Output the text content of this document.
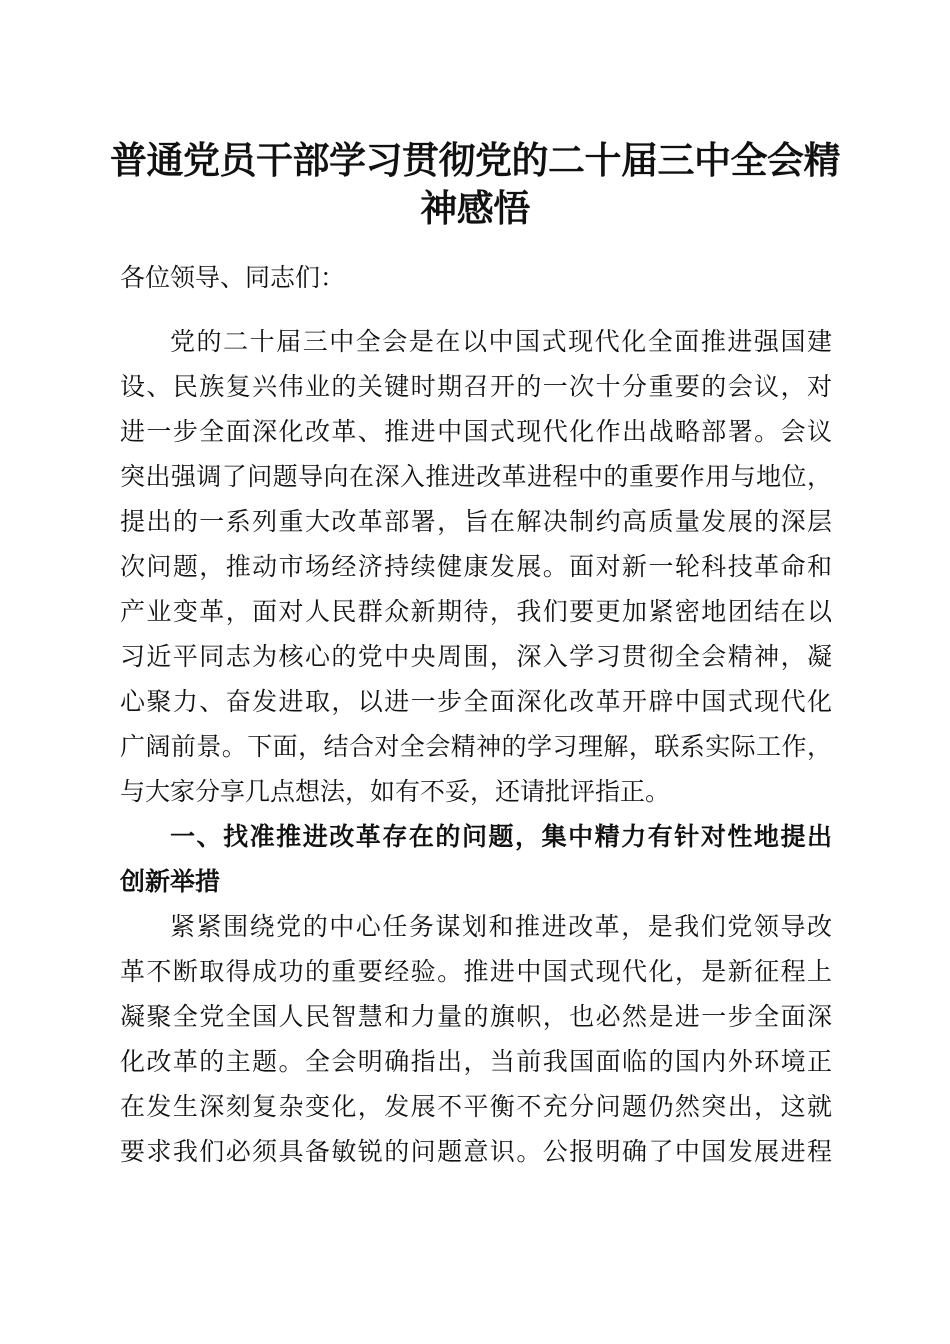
普通党员干部学习贯彻党的二十届三中全会精
神感悟

各位领导、同志们：

党的二十届三中全会是在以中国式现代化全面推进强国建

设、民族复兴伟业的关键时期召开的一次十分重要的会议，对

进一步全面深化改革、推进中国式现代化作出战略部署。会议

突出强调了问题导向在深入推进改革进程中的重要作用与地位，

提出的一系列重大改革部署，旨在解决制约高质量发展的深层

次问题，推动市场经济持续健康发展。面对新一轮科技革命和

产业变革，面对人民群众新期待，我们要更加紧密地团结在以

习近平同志为核心的党中央周围，深入学习贯彻全会精神，凝

心聚力、奋发进取，以进一步全面深化改革开辟中国式现代化

广阔前景。下面，结合对全会精神的学习理解，联系实际工作，

与大家分享几点想法，如有不妥，还请批评指正。

一、找准推进改革存在的问题，集中精力有针对性地提出

创新举措

紧紧围绕党的中心任务谋划和推进改革，是我们党领导改

革不断取得成功的重要经验。推进中国式现代化，是新征程上

凝聚全党全国人民智慧和力量的旗帜，也必然是进一步全面深

化改革的主题。全会明确指出，当前我国面临的国内外环境正

在发生深刻复杂变化，发展不平衡不充分问题仍然突出，这就

要求我们必须具备敏锐的问题意识。公报明确了中国发展进程
